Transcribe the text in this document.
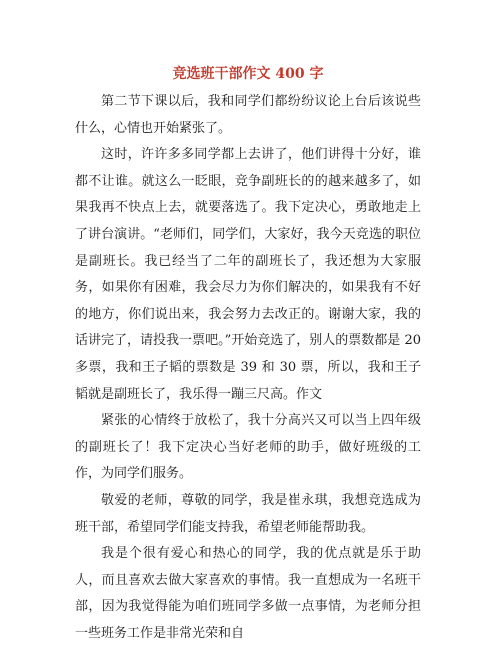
竞选班干部作文 400 字

第二节下课以后，我和同学们都纷纷议论上台后该说些什么，心情也开始紧张了。

这时，许许多多同学都上去讲了，他们讲得十分好，谁都不让谁。就这么一眨眼，竞争副班长的的越来越多了，如果我再不快点上去，就要落选了。我下定决心，勇敢地走上了讲台演讲。“老师们，同学们，大家好，我今天竞选的职位是副班长。我已经当了二年的副班长了，我还想为大家服务，如果你有困难，我会尽力为你们解决的，如果我有不好的地方，你们说出来，我会努力去改正的。谢谢大家，我的话讲完了，请投我一票吧。”开始竞选了，别人的票数都是 20 多票，我和王子韬的票数是 39 和 30 票，所以，我和王子韬就是副班长了，我乐得一蹦三尺高。作文

紧张的心情终于放松了，我十分高兴又可以当上四年级的副班长了！我下定决心当好老师的助手，做好班级的工作，为同学们服务。

敬爱的老师，尊敬的同学，我是崔永琪，我想竞选成为班干部，希望同学们能支持我，希望老师能帮助我。

我是个很有爱心和热心的同学，我的优点就是乐于助人，而且喜欢去做大家喜欢的事情。我一直想成为一名班干部，因为我觉得能为咱们班同学多做一点事情，为老师分担一些班务工作是非常光荣和自
